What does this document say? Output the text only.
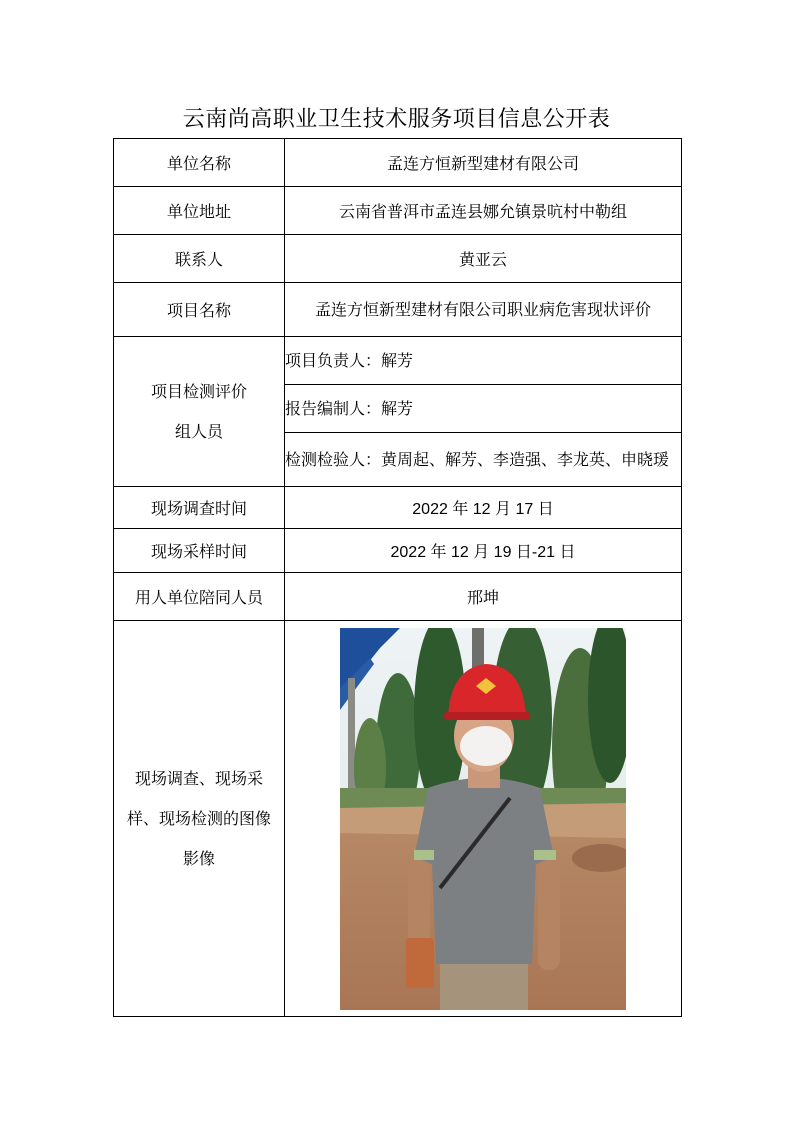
云南尚高职业卫生技术服务项目信息公开表
单位名称	孟连方恒新型建材有限公司
单位地址	云南省普洱市孟连县娜允镇景吭村中勒组
联系人	黄亚云
项目名称	孟连方恒新型建材有限公司职业病危害现状评价

项目检测评价
组人员	项目负责人：解芳
	报告编制人：解芳
	检测检验人：黄周起、解芳、李造强、李龙英、申晓瑗
现场调查时间	2022 年 12 月 17 日
现场采样时间	2022 年 12 月 19 日-21 日
用人单位陪同人员	邢坤
现场调查、现场采样、现场检测的图像影像	
